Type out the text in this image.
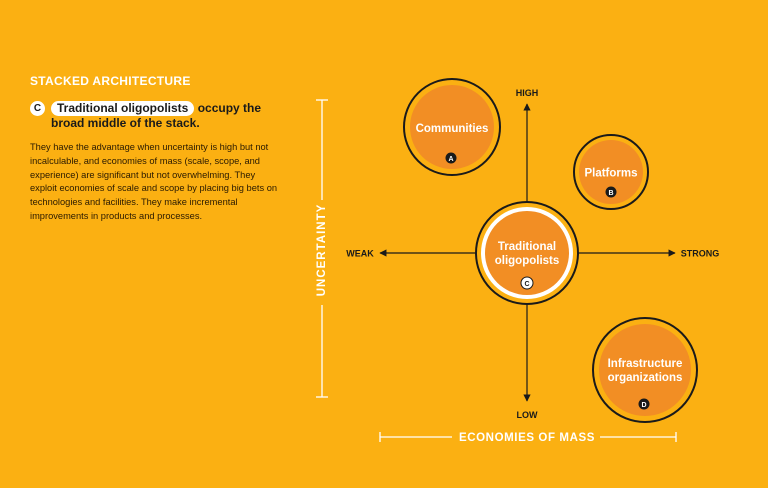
STACKED ARCHITECTURE
C	Traditional oligopolists occupy the broad middle of the stack.
They have the advantage when uncertainty is high but not incalculable, and economies of mass (scale, scope, and experience) are significant but not overwhelming. They exploit economies of scale and scope by placing big bets on technologies and facilities. They make incremental improvements in products and processes.	UNCERTAINTY
ECONOMIES OF MASS
HIGH
LOW
WEAK	STRONG
Communities
A
Platforms
B
Traditional
oligopolists
C
Infrastructure
organizations
D
